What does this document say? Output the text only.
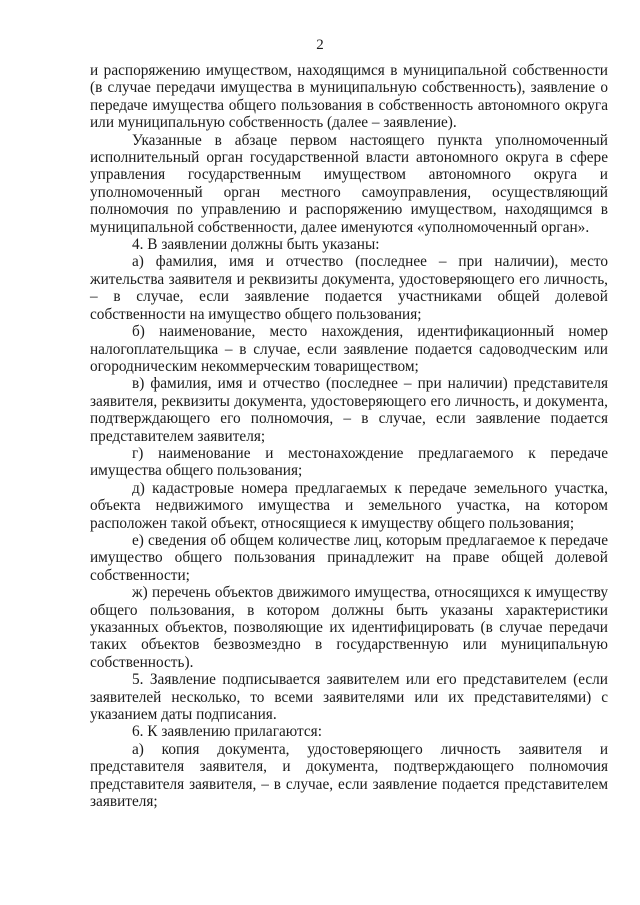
2

и распоряжению имуществом, находящимся в муниципальной собственности (в случае передачи имущества в муниципальную собственность), заявление о передаче имущества общего пользования в собственность автономного округа или муниципальную собственность (далее – заявление).

Указанные в абзаце первом настоящего пункта уполномоченный исполнительный орган государственной власти автономного округа в сфере управления государственным имуществом автономного округа и уполномоченный орган местного самоуправления, осуществляющий полномочия по управлению и распоряжению имуществом, находящимся в муниципальной собственности, далее именуются «уполномоченный орган».

4. В заявлении должны быть указаны:

а) фамилия, имя и отчество (последнее – при наличии), место жительства заявителя и реквизиты документа, удостоверяющего его личность, – в случае, если заявление подается участниками общей долевой собственности на имущество общего пользования;

б) наименование, место нахождения, идентификационный номер налогоплательщика – в случае, если заявление подается садоводческим или огородническим некоммерческим товариществом;

в) фамилия, имя и отчество (последнее – при наличии) представителя заявителя, реквизиты документа, удостоверяющего его личность, и документа, подтверждающего его полномочия, – в случае, если заявление подается представителем заявителя;

г) наименование и местонахождение предлагаемого к передаче имущества общего пользования;

д) кадастровые номера предлагаемых к передаче земельного участка, объекта недвижимого имущества и земельного участка, на котором расположен такой объект, относящиеся к имуществу общего пользования;

е) сведения об общем количестве лиц, которым предлагаемое к передаче имущество общего пользования принадлежит на праве общей долевой собственности;

ж) перечень объектов движимого имущества, относящихся к имуществу общего пользования, в котором должны быть указаны характеристики указанных объектов, позволяющие их идентифицировать (в случае передачи таких объектов безвозмездно в государственную или муниципальную собственность).

5. Заявление подписывается заявителем или его представителем (если заявителей несколько, то всеми заявителями или их представителями) с указанием даты подписания.

6. К заявлению прилагаются:

а) копия документа, удостоверяющего личность заявителя и представителя заявителя, и документа, подтверждающего полномочия представителя заявителя, – в случае, если заявление подается представителем заявителя;
